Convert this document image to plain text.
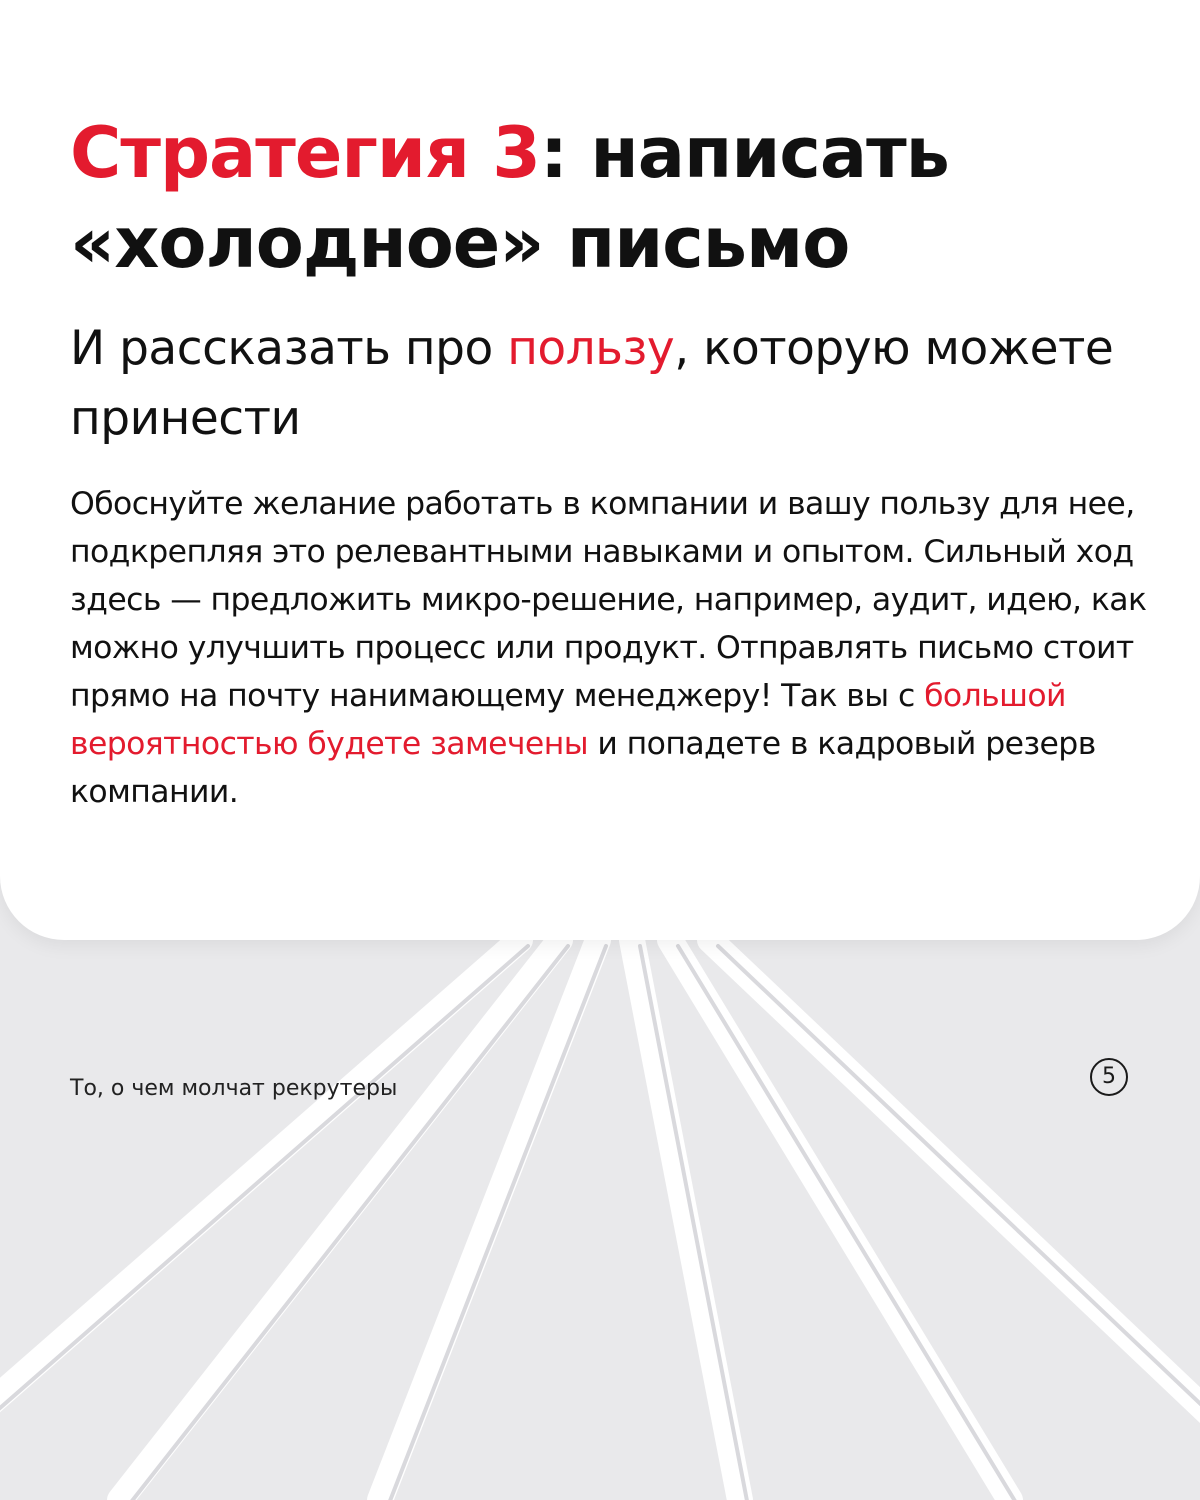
Стратегия 3: написать «холодное» письмо
И рассказать про пользу, которую можете принести

Обоснуйте желание работать в компании и вашу пользу для нее, подкрепляя это релевантными навыками и опытом. Сильный ход здесь — предложить микро-решение, например, аудит, идею, как можно улучшить процесс или продукт. Отправлять письмо стоит прямо на почту нанимающему менеджеру! Так вы с большой вероятностью будете замечены и попадете в кадровый резерв компании.

То, о чем молчат рекрутеры	5
